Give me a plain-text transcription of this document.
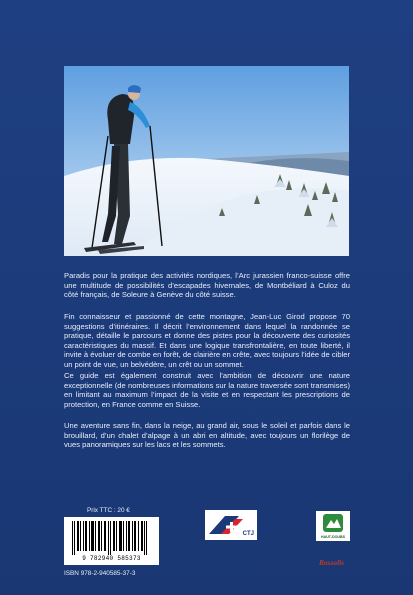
Paradis pour la pratique des activités nordiques, l’Arc jurassien franco-suisse offre une multitude de possibilités d’escapades hivernales, de Montbéliard à Culoz du côté français, de Soleure à Genève du côté suisse.

Fin connaisseur et passionné de cette montagne, Jean-Luc Girod propose 70 suggestions d’itinéraires. Il décrit l’environnement dans lequel la randonnée se pratique, détaille le parcours et donne des pistes pour la découverte des curiosités caractéristiques du massif. Et dans une logique transfrontalière, en toute liberté, il invite à évoluer de combe en forêt, de clairière en crête, avec toujours l’idée de cibler un point de vue, un belvédère, un crêt ou un sommet.

Ce guide est également construit avec l’ambition de découvrir une nature exceptionnelle (de nombreuses informations sur la nature traversée sont transmises) en limitant au maximum l’impact de la visite et en respectant les prescriptions de protection, en France comme en Suisse.

Une aventure sans fin, dans la neige, au grand air, sous le soleil et parfois dans le brouillard, d’un chalet d’alpage à un abri en altitude, avec toujours un florilège de vues panoramiques sur les lacs et les sommets.

Prix TTC : 20 €
9 782940 585373
ISBN 978-2-940585-37-3
CTJ	HAUT-DOUBS
Rossolis
